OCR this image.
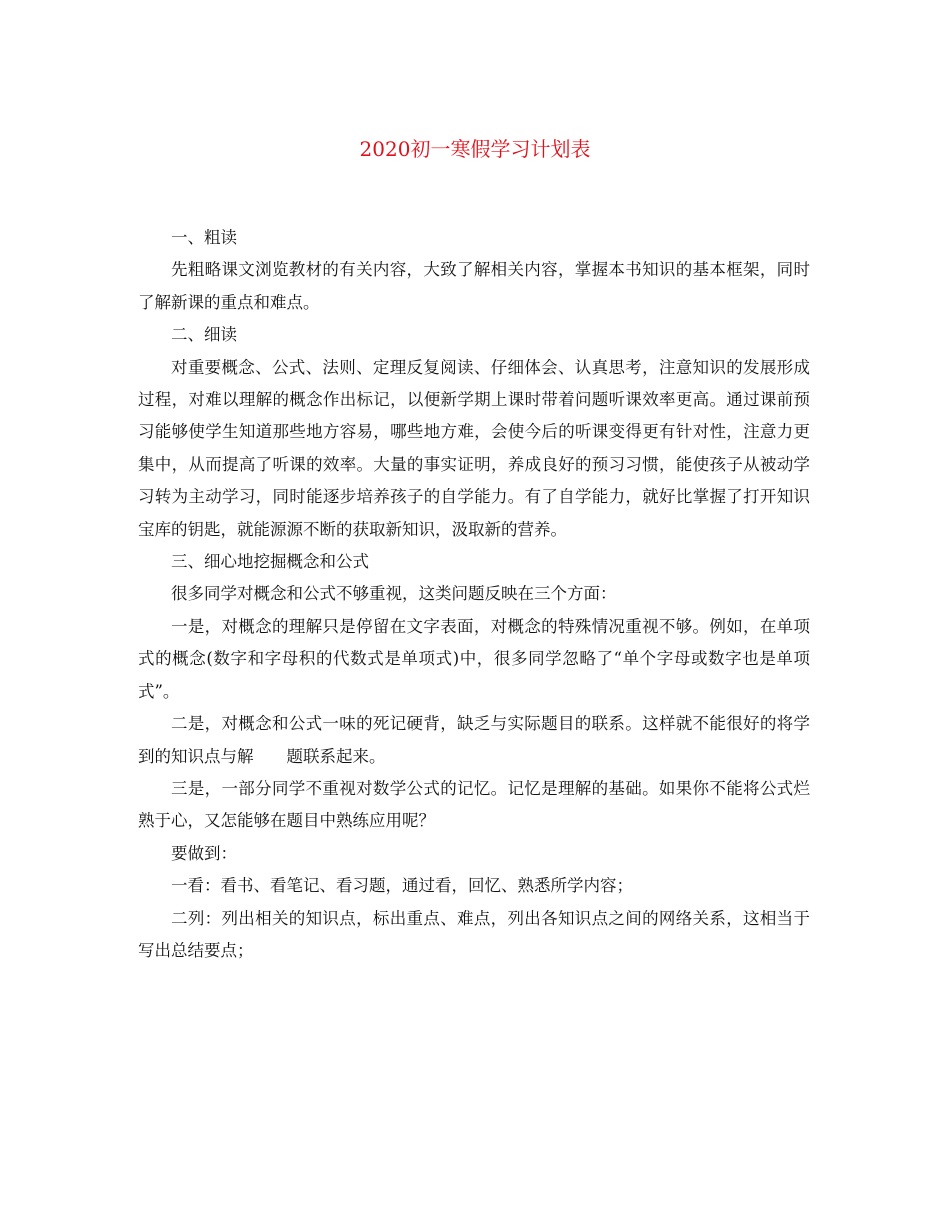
2020初一寒假学习计划表

一、粗读

先粗略课文浏览教材的有关内容，大致了解相关内容，掌握本书知识的基本框架，同时了解新课的重点和难点。

二、细读

对重要概念、公式、法则、定理反复阅读、仔细体会、认真思考，注意知识的发展形成过程，对难以理解的概念作出标记，以便新学期上课时带着问题听课效率更高。通过课前预习能够使学生知道那些地方容易，哪些地方难，会使今后的听课变得更有针对性，注意力更集中，从而提高了听课的效率。大量的事实证明，养成良好的预习习惯，能使孩子从被动学习转为主动学习，同时能逐步培养孩子的自学能力。有了自学能力，就好比掌握了打开知识宝库的钥匙，就能源源不断的获取新知识，汲取新的营养。

三、细心地挖掘概念和公式

很多同学对概念和公式不够重视，这类问题反映在三个方面：

一是，对概念的理解只是停留在文字表面，对概念的特殊情况重视不够。例如，在单项式的概念(数字和字母积的代数式是单项式)中，很多同学忽略了“单个字母或数字也是单项式”。

二是，对概念和公式一味的死记硬背，缺乏与实际题目的联系。这样就不能很好的将学到的知识点与解　　题联系起来。

三是，一部分同学不重视对数学公式的记忆。记忆是理解的基础。如果你不能将公式烂熟于心，又怎能够在题目中熟练应用呢？

要做到：

一看：看书、看笔记、看习题，通过看，回忆、熟悉所学内容；

二列：列出相关的知识点，标出重点、难点，列出各知识点之间的网络关系，这相当于写出总结要点；
